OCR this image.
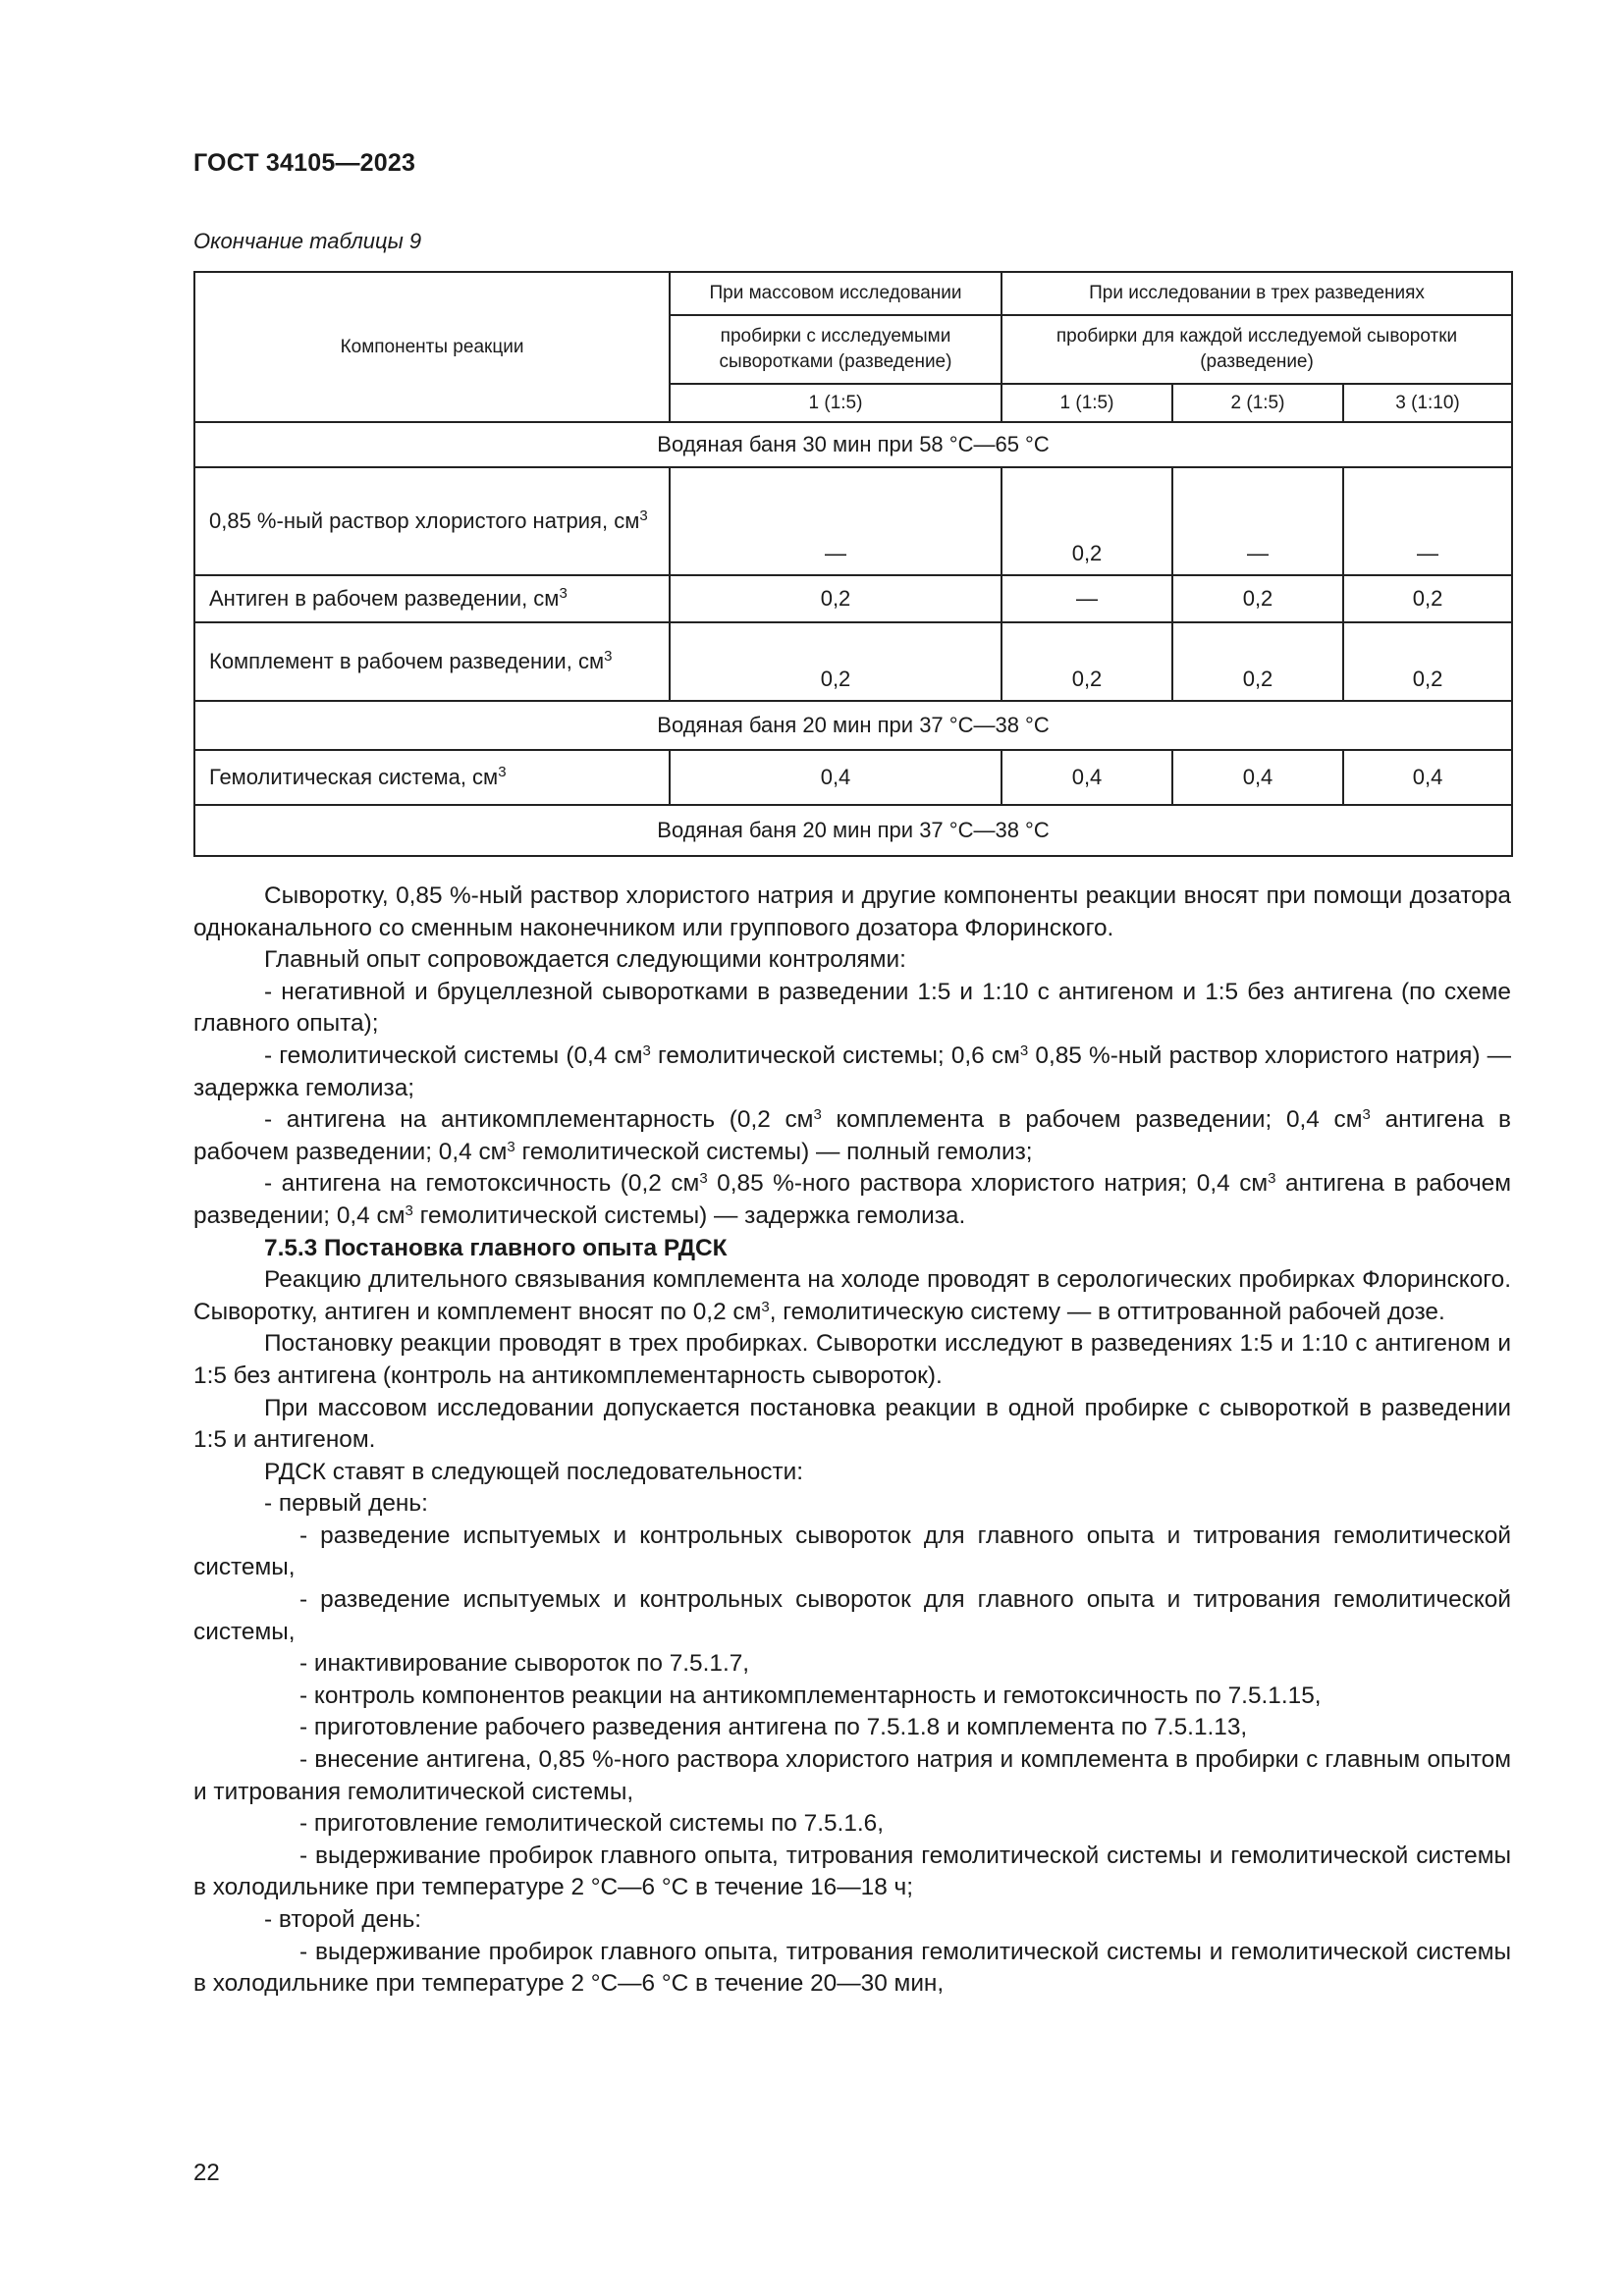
ГОСТ 34105—2023
Окончание таблицы 9
Компоненты реакции	При массовом исследовании	При исследовании в трех разведениях		
	пробирки с исследуемыми сыворотками (разведение)	пробирки для каждой исследуемой сыворотки (разведение)		
	1 (1:5)	1 (1:5)	2 (1:5)	3 (1:10)
Водяная баня 30 мин при 58 °С—65 °С				
0,85 %-ный раствор хлористого натрия, $см^3$	—	0,2	—	—
Антиген в рабочем разведении, $см^3$	0,2	—	0,2	0,2
Комплемент в рабочем разведении, $см^3$	0,2	0,2	0,2	0,2
Водяная баня 20 мин при 37 °С—38 °С				
Гемолитическая система, $см^3$	0,4	0,4	0,4	0,4
Водяная баня 20 мин при 37 °С—38 °С				

Сыворотку, 0,85 %-ный раствор хлористого натрия и другие компоненты реакции вносят при помощи дозатора одноканального со сменным наконечником или группового дозатора Флоринского.

Главный опыт сопровождается следующими контролями:

- негативной и бруцеллезной сыворотками в разведении 1:5 и 1:10 с антигеном и 1:5 без антигена (по схеме главного опыта);

- гемолитической системы (0,4 $см^3$ гемолитической системы; 0,6 $см^3$ 0,85 %-ный раствор хлористого натрия) — задержка гемолиза;

- антигена на антикомплементарность (0,2 $см^3$ комплемента в рабочем разведении; 0,4 $см^3$ антигена в рабочем разведении; 0,4 $см^3$ гемолитической системы) — полный гемолиз;

- антигена на гемотоксичность (0,2 $см^3$ 0,85 %-ного раствора хлористого натрия; 0,4 $см^3$ антигена в рабочем разведении; 0,4 $см^3$ гемолитической системы) — задержка гемолиза.

7.5.3 Постановка главного опыта РДСК

Реакцию длительного связывания комплемента на холоде проводят в серологических пробирках Флоринского. Сыворотку, антиген и комплемент вносят по 0,2 $см^3$, гемолитическую систему — в оттитрованной рабочей дозе.

Постановку реакции проводят в трех пробирках. Сыворотки исследуют в разведениях 1:5 и 1:10 с антигеном и 1:5 без антигена (контроль на антикомплементарность сывороток).

При массовом исследовании допускается постановка реакции в одной пробирке с сывороткой в разведении 1:5 и антигеном.

РДСК ставят в следующей последовательности:

- первый день:

- разведение испытуемых и контрольных сывороток для главного опыта и титрования гемолитической системы,

- разведение испытуемых и контрольных сывороток для главного опыта и титрования гемолитической системы,

- инактивирование сывороток по 7.5.1.7,

- контроль компонентов реакции на антикомплементарность и гемотоксичность по 7.5.1.15,

- приготовление рабочего разведения антигена по 7.5.1.8 и комплемента по 7.5.1.13,

- внесение антигена, 0,85 %-ного раствора хлористого натрия и комплемента в пробирки с главным опытом и титрования гемолитической системы,

- приготовление гемолитической системы по 7.5.1.6,

- выдерживание пробирок главного опыта, титрования гемолитической системы и гемолитической системы в холодильнике при температуре 2 °С—6 °С в течение 16—18 ч;

- второй день:

- выдерживание пробирок главного опыта, титрования гемолитической системы и гемолитической системы в холодильнике при температуре 2 °С—6 °С в течение 20—30 мин,

22
